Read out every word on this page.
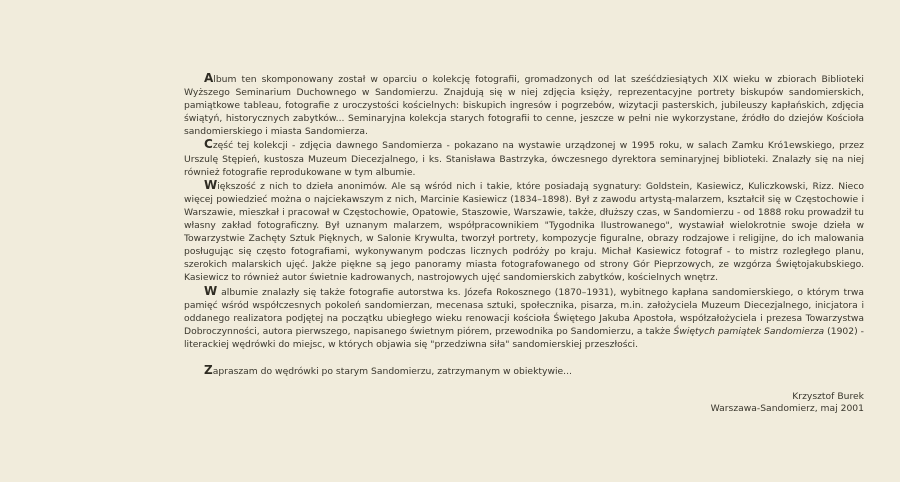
Album ten skomponowany został w oparciu o kolekcję fotografii, gromadzonych od lat sześćdziesiątych XIX wieku w zbiorach Biblioteki Wyższego Seminarium Duchownego w Sandomierzu. Znajdują się w niej zdjęcia księży, reprezentacyjne portrety biskupów sandomierskich, pamiątkowe tableau, fotografie z uroczystości kościelnych: biskupich ingresów i pogrzebów, wizytacji pasterskich, jubileuszy kapłańskich, zdjęcia świątyń, historycznych zabytków... Seminaryjna kolekcja starych fotografii to cenne, jeszcze w pełni nie wykorzystane, źródło do dziejów Kościoła sandomierskiego i miasta Sandomierza.

Część tej kolekcji - zdjęcia dawnego Sandomierza - pokazano na wystawie urządzonej w 1995 roku, w salach Zamku Kró1ewskiego, przez Urszulę Stępień, kustosza Muzeum Diecezjalnego, i ks. Stanisława Bastrzyka, ówczesnego dyrektora seminaryjnej biblioteki. Znalazły się na niej również fotografie reprodukowane w tym albumie.

Większość z nich to dzieła anonimów. Ale są wśród nich i takie, które posiadają sygnatury: Goldstein, Kasiewicz, Kuliczkowski, Rizz. Nieco więcej powiedzieć można o najciekawszym z nich, Marcinie Kasiewicz (1834–1898). Był z zawodu artystą-malarzem, kształcił się w Częstochowie i Warszawie, mieszkał i pracował w Częstochowie, Opatowie, Staszowie, Warszawie, także, dłuższy czas, w Sandomierzu - od 1888 roku prowadził tu własny zakład fotograficzny. Był uznanym malarzem, współpracownikiem "Tygodnika Ilustrowanego", wystawiał wielokrotnie swoje dzieła w Towarzystwie Zachęty Sztuk Pięknych, w Salonie Krywulta, tworzył portrety, kompozycje figuralne, obrazy rodzajowe i religijne, do ich malowania posługując się często fotografiami, wykonywanym podczas licznych podróży po kraju. Michał Kasiewicz fotograf - to mistrz rozległego planu, szerokich malarskich ujęć. Jakże piękne są jego panoramy miasta fotografowanego od strony Gór Pieprzowych, ze wzgórza Świętojakubskiego. Kasiewicz to również autor świetnie kadrowanych, nastrojowych ujęć sandomierskich zabytków, kościelnych wnętrz.

W albumie znalazły się także fotografie autorstwa ks. Józefa Rokosznego (1870–1931), wybitnego kapłana sandomierskiego, o którym trwa pamięć wśród współczesnych pokoleń sandomierzan, mecenasa sztuki, społecznika, pisarza, m.in. założyciela Muzeum Diecezjalnego, inicjatora i oddanego realizatora podjętej na początku ubiegłego wieku renowacji kościoła Świętego Jakuba Apostoła, współzałożyciela i prezesa Towarzystwa Dobroczynności, autora pierwszego, napisanego świetnym piórem, przewodnika po Sandomierzu, a także Świętych pamiątek Sandomierza (1902) - literackiej wędrówki do miejsc, w których objawia się "przedziwna siła" sandomierskiej przeszłości.

Zapraszam do wędrówki po starym Sandomierzu, zatrzymanym w obiektywie...

Krzysztof Burek
Warszawa-Sandomierz, maj 2001
